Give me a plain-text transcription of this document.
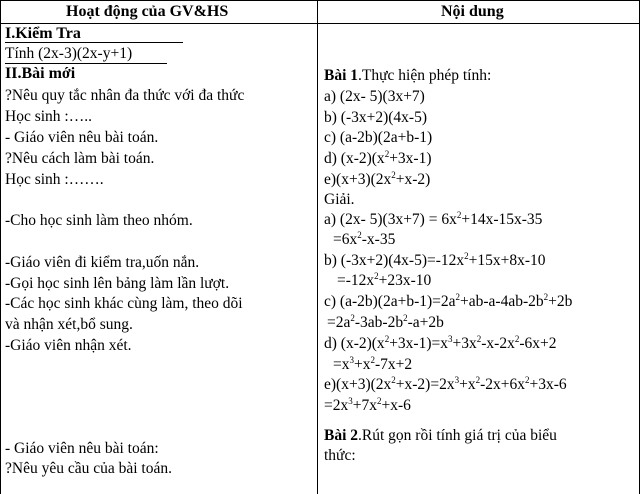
Hoạt động của GV&HS	Nội dung
I.Kiểm Tra
Tính (2x-3)(2x-y+1)
II.Bài mới
?Nêu quy tắc nhân đa thức với đa thức
Học sinh :…..
- Giáo viên nêu bài toán.
?Nêu cách làm bài toán.
Học sinh :…….
-Cho học sinh làm theo nhóm.
-Giáo viên đi kiểm tra,uốn nắn.
-Gọi học sinh lên bảng làm lần lượt.
-Các học sinh khác cùng làm, theo dõi
và nhận xét,bổ sung.
-Giáo viên nhận xét.
- Giáo viên nêu bài toán:
?Nêu yêu cầu của bài toán.
Bài 1.Thực hiện phép tính:
a) (2x- 5)(3x+7)
b) (-3x+2)(4x-5)
c) (a-2b)(2a+b-1)
d) $(x-2)(x^2+3x-1)$
$e)(x+3)(2x^2+x-2)$
Giải.
a) (2x- $5)(3x+7) = 6x^2+14x-15x-35$
$=6x^2-x-35$
b) $(-3x+2)(4x-5)=-12x^2+15x+8x-10$
$=-12x^2+23x-10$
c) $(a-2b)(2a+b-1)=2a^2+ab-a-4ab-2b^2+2b$
$=2a^2-3ab-2b^2-a+2b$
d) $(x-2)(x^2+3x-1)=x^3+3x^2-x-2x^2-6x+2$
$=x^3+x^2-7x+2$
$e)(x+3)(2x^2+x-2)=2x^3+x^2-2x+6x^2+3x-6$
$=2x^3+7x^2+x-6$
Bài 2.Rút gọn rồi tính giá trị của biểu
thức:
